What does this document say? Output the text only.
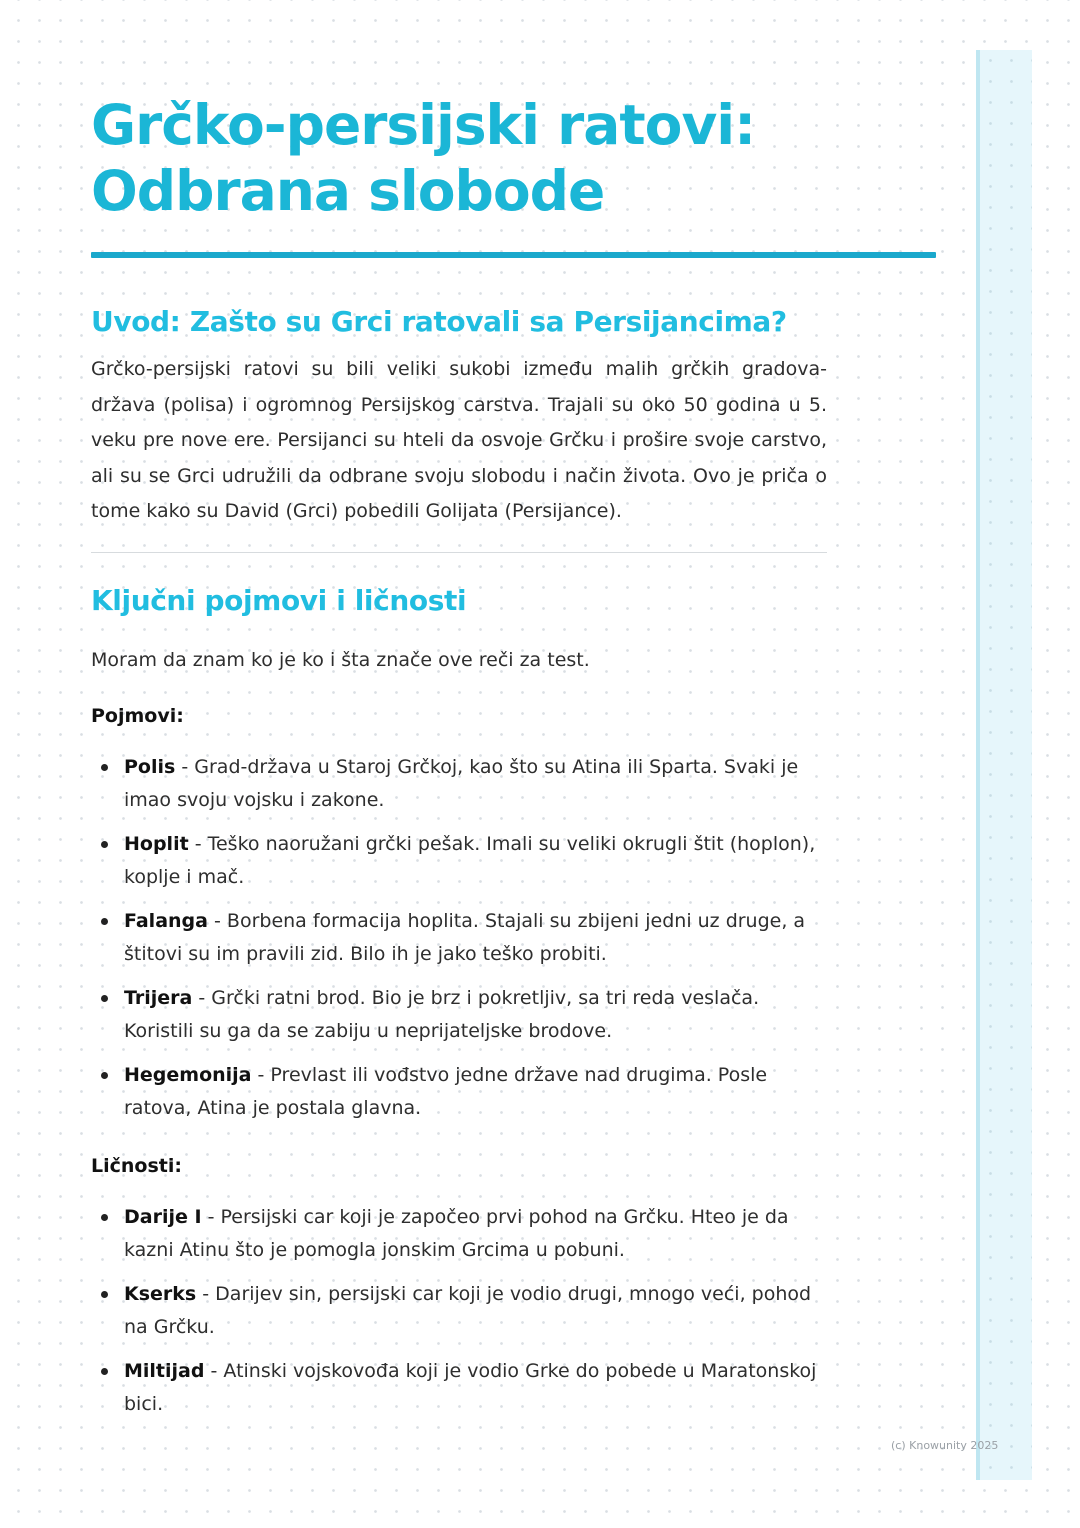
Grčko-persijski ratovi:
Odbrana slobode
Uvod: Zašto su Grci ratovali sa Persijancima?

Grčko-persijski ratovi su bili veliki sukobi između malih grčkih gradova-država (polisa) i ogromnog Persijskog carstva. Trajali su oko 50 godina u 5. veku pre nove ere. Persijanci su hteli da osvoje Grčku i prošire svoje carstvo, ali su se Grci udružili da odbrane svoju slobodu i način života. Ovo je priča o tome kako su David (Grci) pobedili Golijata (Persijance).

Ključni pojmovi i ličnosti

Moram da znam ko je ko i šta znače ove reči za test.

Pojmovi:

Polis - Grad-država u Staroj Grčkoj, kao što su Atina ili Sparta. Svaki je imao svoju vojsku i zakone.
Hoplit - Teško naoružani grčki pešak. Imali su veliki okrugli štit (hoplon), koplje i mač.
Falanga - Borbena formacija hoplita. Stajali su zbijeni jedni uz druge, a štitovi su im pravili zid. Bilo ih je jako teško probiti.
Trijera - Grčki ratni brod. Bio je brz i pokretljiv, sa tri reda veslača. Koristili su ga da se zabiju u neprijateljske brodove.
Hegemonija - Prevlast ili vođstvo jedne države nad drugima. Posle ratova, Atina je postala glavna.

Ličnosti:

Darije I - Persijski car koji je započeo prvi pohod na Grčku. Hteo je da kazni Atinu što je pomogla jonskim Grcima u pobuni.
Kserks - Darijev sin, persijski car koji je vodio drugi, mnogo veći, pohod na Grčku.
Miltijad - Atinski vojskovođa koji je vodio Grke do pobede u Maratonskoj bici.
(c) Knowunity 2025
